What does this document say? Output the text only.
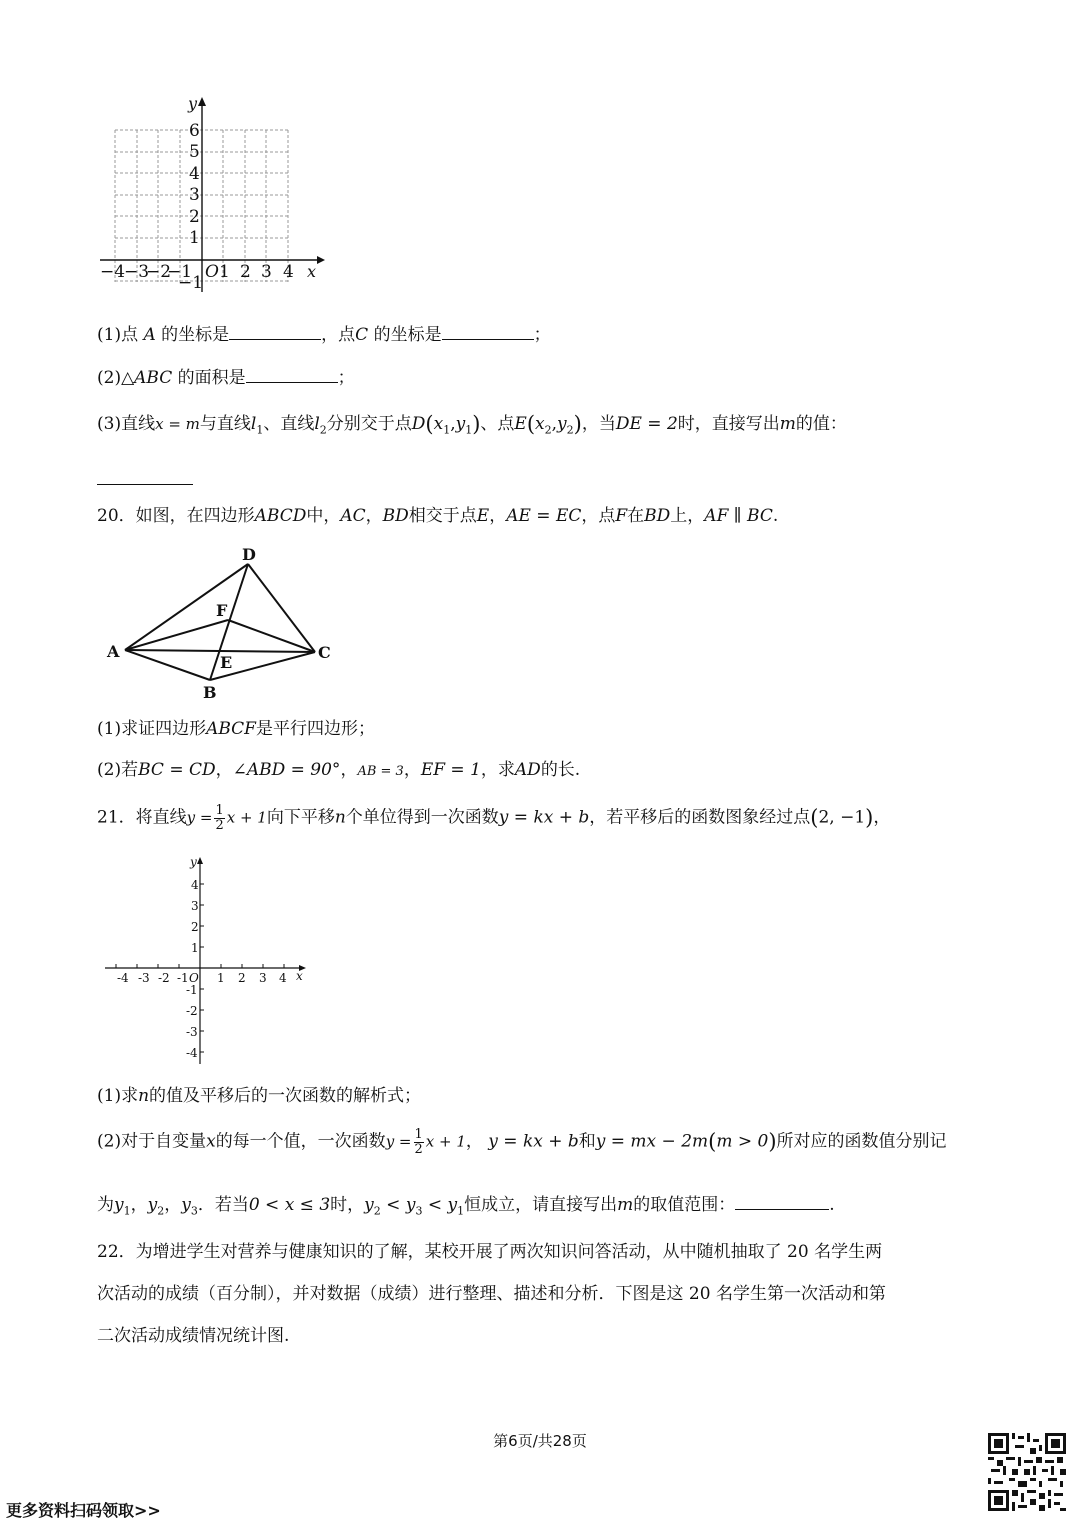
y
x
6
5
4
3
2
1
−1
O
−4
−3
−2
−1 1 2 3 4
(1)点 A 的坐标是	，点C 的坐标是	；
(2)△ABC 的面积是	；
(3)直线x = m与直线$l_1$、直线$l_2$分别交于点$D(x_1,y_1)$、点$E(x_2,y_2)$，当DE = 2时，直接写出m的值：
20．如图，在四边形ABCD中，AC，BD相交于点E，AE = EC，点F在BD上，AF ∥ BC.
A
B
C
D
E
F
(1)求证四边形ABCF是平行四边形；
(2)若BC = CD，∠ABD = 90°，AB = 3，EF = 1，求AD的长.
21．将直线$y = \frac{1}{2}$ x + 1向下平移n个单位得到一次函数y = kx + b，若平移后的函数图象经过点(2, −1)，
y
x
O
-4 -3 -2 -1 1 2 3 4
4
3
2
1
-1
-2
-3
-4
(1)求n的值及平移后的一次函数的解析式；
(2)对于自变量x的每一个值，一次函数$y = \frac{1}{2}$ x + 1， y = kx + b和y = mx − 2m(m > 0)所对应的函数值分别记
为$y_1$，$y_2$，$y_3$．若当0 < x ≤ 3时，$y_2 < y_3 < y_1$恒成立，请直接写出m的取值范围：	.
22．为增进学生对营养与健康知识的了解，某校开展了两次知识问答活动，从中随机抽取了 20 名学生两
次活动的成绩（百分制），并对数据（成绩）进行整理、描述和分析．下图是这 20 名学生第一次活动和第
二次活动成绩情况统计图.
第6页/共28页
更多资料扫码领取>>
